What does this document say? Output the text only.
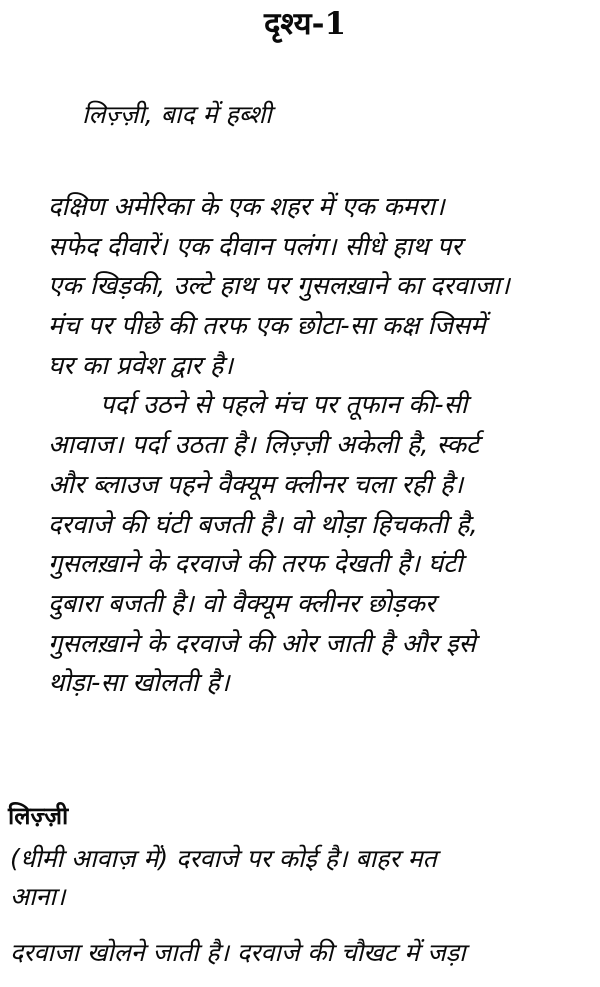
दृश्य-1
लिज़्ज़ी, बाद में हब्शी
दक्षिण अमेरिका के एक शहर में एक कमरा।
सफेद दीवारें। एक दीवान पलंग। सीधे हाथ पर
एक खिड़की, उल्टे हाथ पर गुसलख़ाने का दरवाजा।
मंच पर पीछे की तरफ एक छोटा-सा कक्ष जिसमें
घर का प्रवेश द्वार है।
पर्दा उठने से पहले मंच पर तूफान की-सी
आवाज। पर्दा उठता है। लिज़्ज़ी अकेली है, स्कर्ट
और ब्लाउज पहने वैक्यूम क्लीनर चला रही है।
दरवाजे की घंटी बजती है। वो थोड़ा हिचकती है,
गुसलख़ाने के दरवाजे की तरफ देखती है। घंटी
दुबारा बजती है। वो वैक्यूम क्लीनर छोड़कर
गुसलख़ाने के दरवाजे की ओर जाती है और इसे
थोड़ा-सा खोलती है।
लिज़्ज़ी
(धीमी आवाज़ में) दरवाजे पर कोई है। बाहर मत
आना।
दरवाजा खोलने जाती है। दरवाजे की चौखट में जड़ा
